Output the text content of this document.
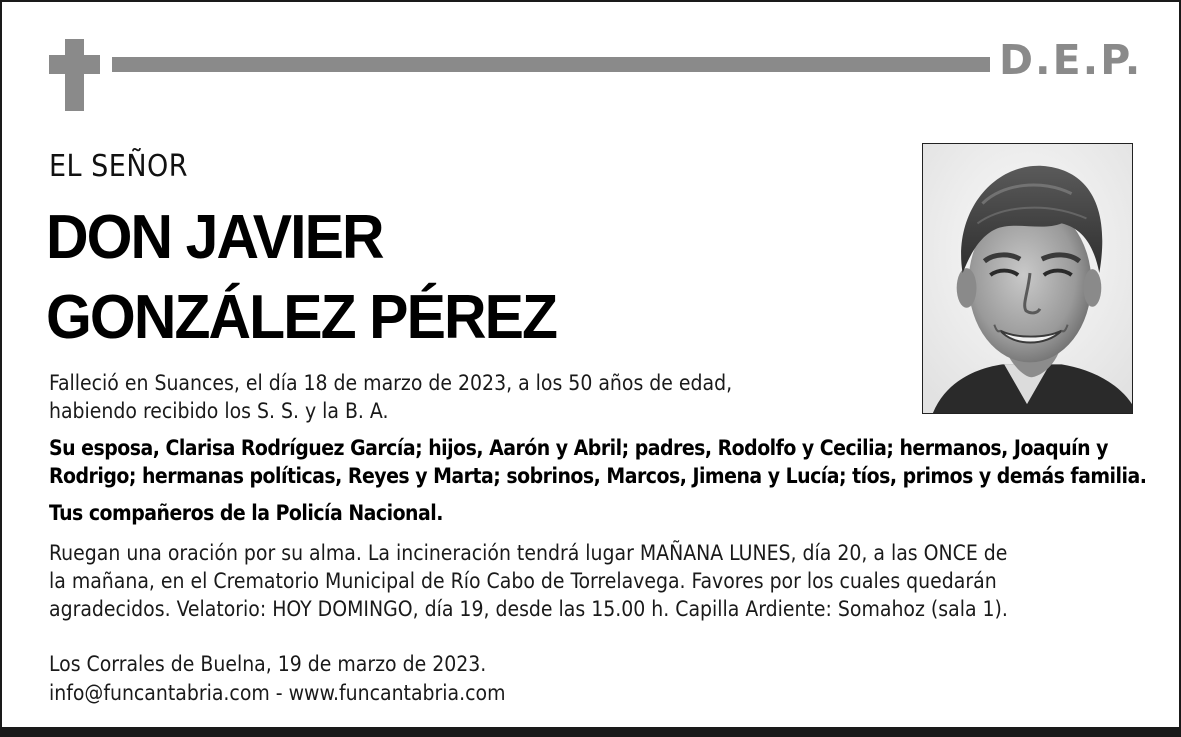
D.E.P.
EL SEÑOR
DON JAVIER
GONZÁLEZ PÉREZ
Falleció en Suances, el día 18 de marzo de 2023, a los 50 años de edad,
habiendo recibido los S. S. y la B. A.
Su esposa, Clarisa Rodríguez García; hijos, Aarón y Abril; padres, Rodolfo y Cecilia; hermanos, Joaquín y
Rodrigo; hermanas políticas, Reyes y Marta; sobrinos, Marcos, Jimena y Lucía; tíos, primos y demás familia.
Tus compañeros de la Policía Nacional.
Ruegan una oración por su alma. La incineración tendrá lugar MAÑANA LUNES, día 20, a las ONCE de
la mañana, en el Crematorio Municipal de Río Cabo de Torrelavega. Favores por los cuales quedarán
agradecidos. Velatorio: HOY DOMINGO, día 19, desde las 15.00 h. Capilla Ardiente: Somahoz (sala 1).
Los Corrales de Buelna, 19 de marzo de 2023.
info@funcantabria.com - www.funcantabria.com
